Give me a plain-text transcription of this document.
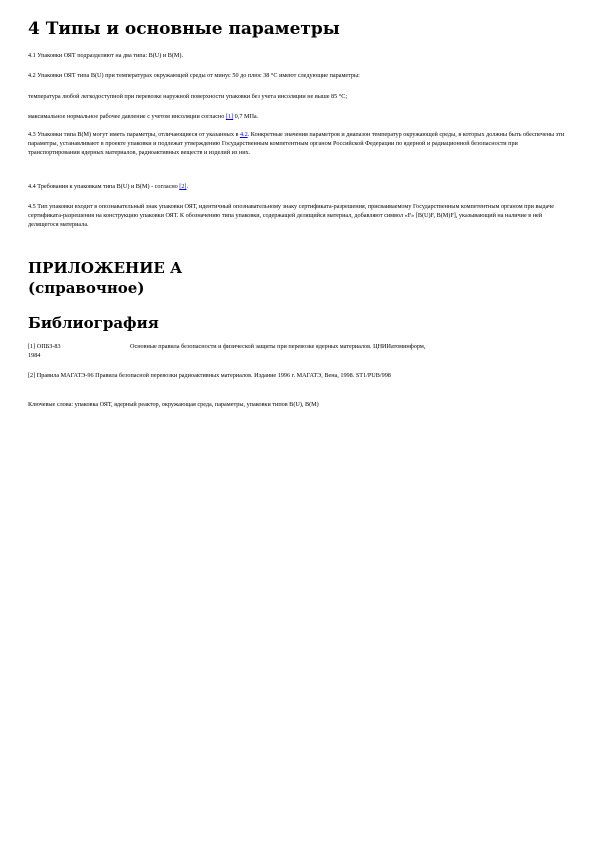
4 Типы и основные параметры

4.1 Упаковки ОЯТ подразделяют на два типа: B(U) и B(M).

4.2 Упаковки ОЯТ типа B(U) при температурах окружающей среды от минус 50 до плюс 38 °C имеют следующие параметры:

температура любой легкодоступной при перевозке наружной поверхности упаковки без учета инсоляции не выше 85 °C;

максимальное нормальное рабочее давление с учетом инсоляции согласно [1] 0,7 МПа.

4.3 Упаковки типа B(M) могут иметь параметры, отличающиеся от указанных в 4.2. Конкретные значения параметров и диапазон температур окружающей среды, в которых должны быть обеспечены эти параметры, устанавливают в проекте упаковки и подлежат утверждению Государственным компетентным органом Российской Федерации по ядерной и радиационной безопасности при транспортировании ядерных материалов, радиоактивных веществ и изделий из них.

4.4 Требования к упаковкам типа B(U) и B(M) - согласно [2].

4.5 Тип упаковки входит в опознавательный знак упаковки ОЯТ, идентичный опознавательному знаку сертификата-разрешения, присваиваемому Государственным компетентным органом при выдаче сертификата-разрешения на конструкцию упаковки ОЯТ. К обозначению типа упаковки, содержащей делящийся материал, добавляют символ «F» [B(U)F, B(M)F], указывающий на наличие в ней делящегося материала.

ПРИЛОЖЕНИЕ А
(справочное)
Библиография
[1] ОПБЗ-83	Основные правила безопасности и физической защиты при перевозке ядерных материалов. ЦНИИатоминформ,
1984

[2] Правила МАГАТЭ-96 Правила безопасной перевозки радиоактивных материалов. Издание 1996 г. МАГАТЭ, Вена, 1998. ST1/PUB/998

Ключевые слова: упаковка ОЯТ, ядерный реактор, окружающая среда, параметры, упаковки типов B(U), B(M)
